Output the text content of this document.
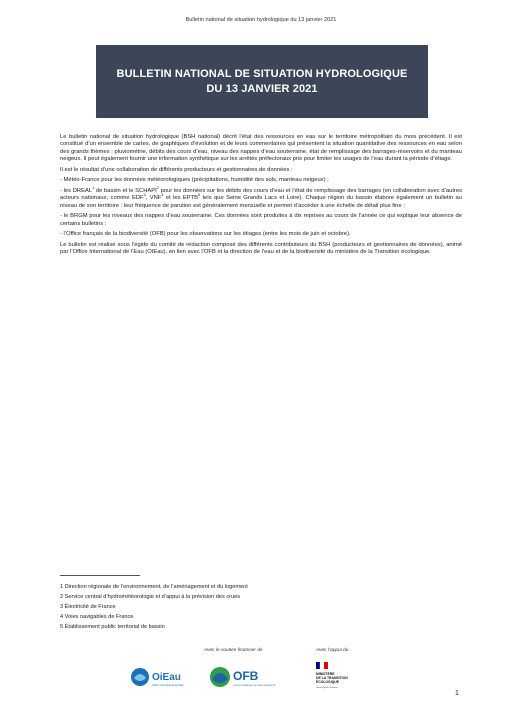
Bulletin national de situation hydrologique du 13 janvier 2021
BULLETIN NATIONAL DE SITUATION HYDROLOGIQUE
DU 13 JANVIER 2021

Le bulletin national de situation hydrologique (BSH national) décrit l’état des ressources en eau sur le territoire métropolitain du mois précédent. Il est constitué d’un ensemble de cartes, de graphiques d’évolution et de leurs commentaires qui présentent la situation quantitative des ressources en eau selon des grands thèmes : pluviométrie, débits des cours d’eau, niveau des nappes d’eau souterraine, état de remplissage des barrages-réservoirs et du manteau neigeux. Il peut également fournir une information synthétique sur les arrêtés préfectoraux pris pour limiter les usages de l’eau durant la période d’étiage.

Il est le résultat d’une collaboration de différents producteurs et gestionnaires de données :

- Météo-France pour les données météorologiques (précipitations, humidité des sols, manteau neigeux) ;

- les DREAL$^1$ de bassin et le SCHAPI$^2$ pour les données sur les débits des cours d’eau et l’état de remplissage des barrages (en collaboration avec d’autres acteurs nationaux, comme EDF$^3$, VNF$^4$ et les EPTB$^5$ tels que Seine Grands Lacs et Loire). Chaque région du bassin élabore également un bulletin au niveau de son territoire : leur fréquence de parution est généralement mensuelle et permet d’accéder à une échelle de détail plus fine ;

- le BRGM pour les niveaux des nappes d’eau souterraine. Ces données sont produites à dix reprises au cours de l’année ce qui explique leur absence de certains bulletins ;

- l’Office français de la biodiversité (OFB) pour les observations sur les étiages (entre les mois de juin et octobre).

Le bulletin est réalisé sous l’égide du comité de rédaction composé des différents contributeurs du BSH (producteurs et gestionnaires de données), animé par l’Office International de l’Eau (OIEau), en lien avec l’OFB et la direction de l’eau et de la biodiversité du ministère de la Transition écologique.

1 Direction régionale de l’environnement, de l’aménagement et du logement
2 Service central d’hydrométéorologie et d’appui à la prévision des crues
3 Électricité de France
4 Voies navigables de France
5 Établissement public territorial de bassin
Avec le soutien financier de	Avec l’appui du
OiEau
Office International de l’Eau
OFB
OFFICE FRANÇAIS DE LA BIODIVERSITÉ
MINISTÈRE
DE LA TRANSITION
ÉCOLOGIQUE
Liberté Égalité Fraternité
1
